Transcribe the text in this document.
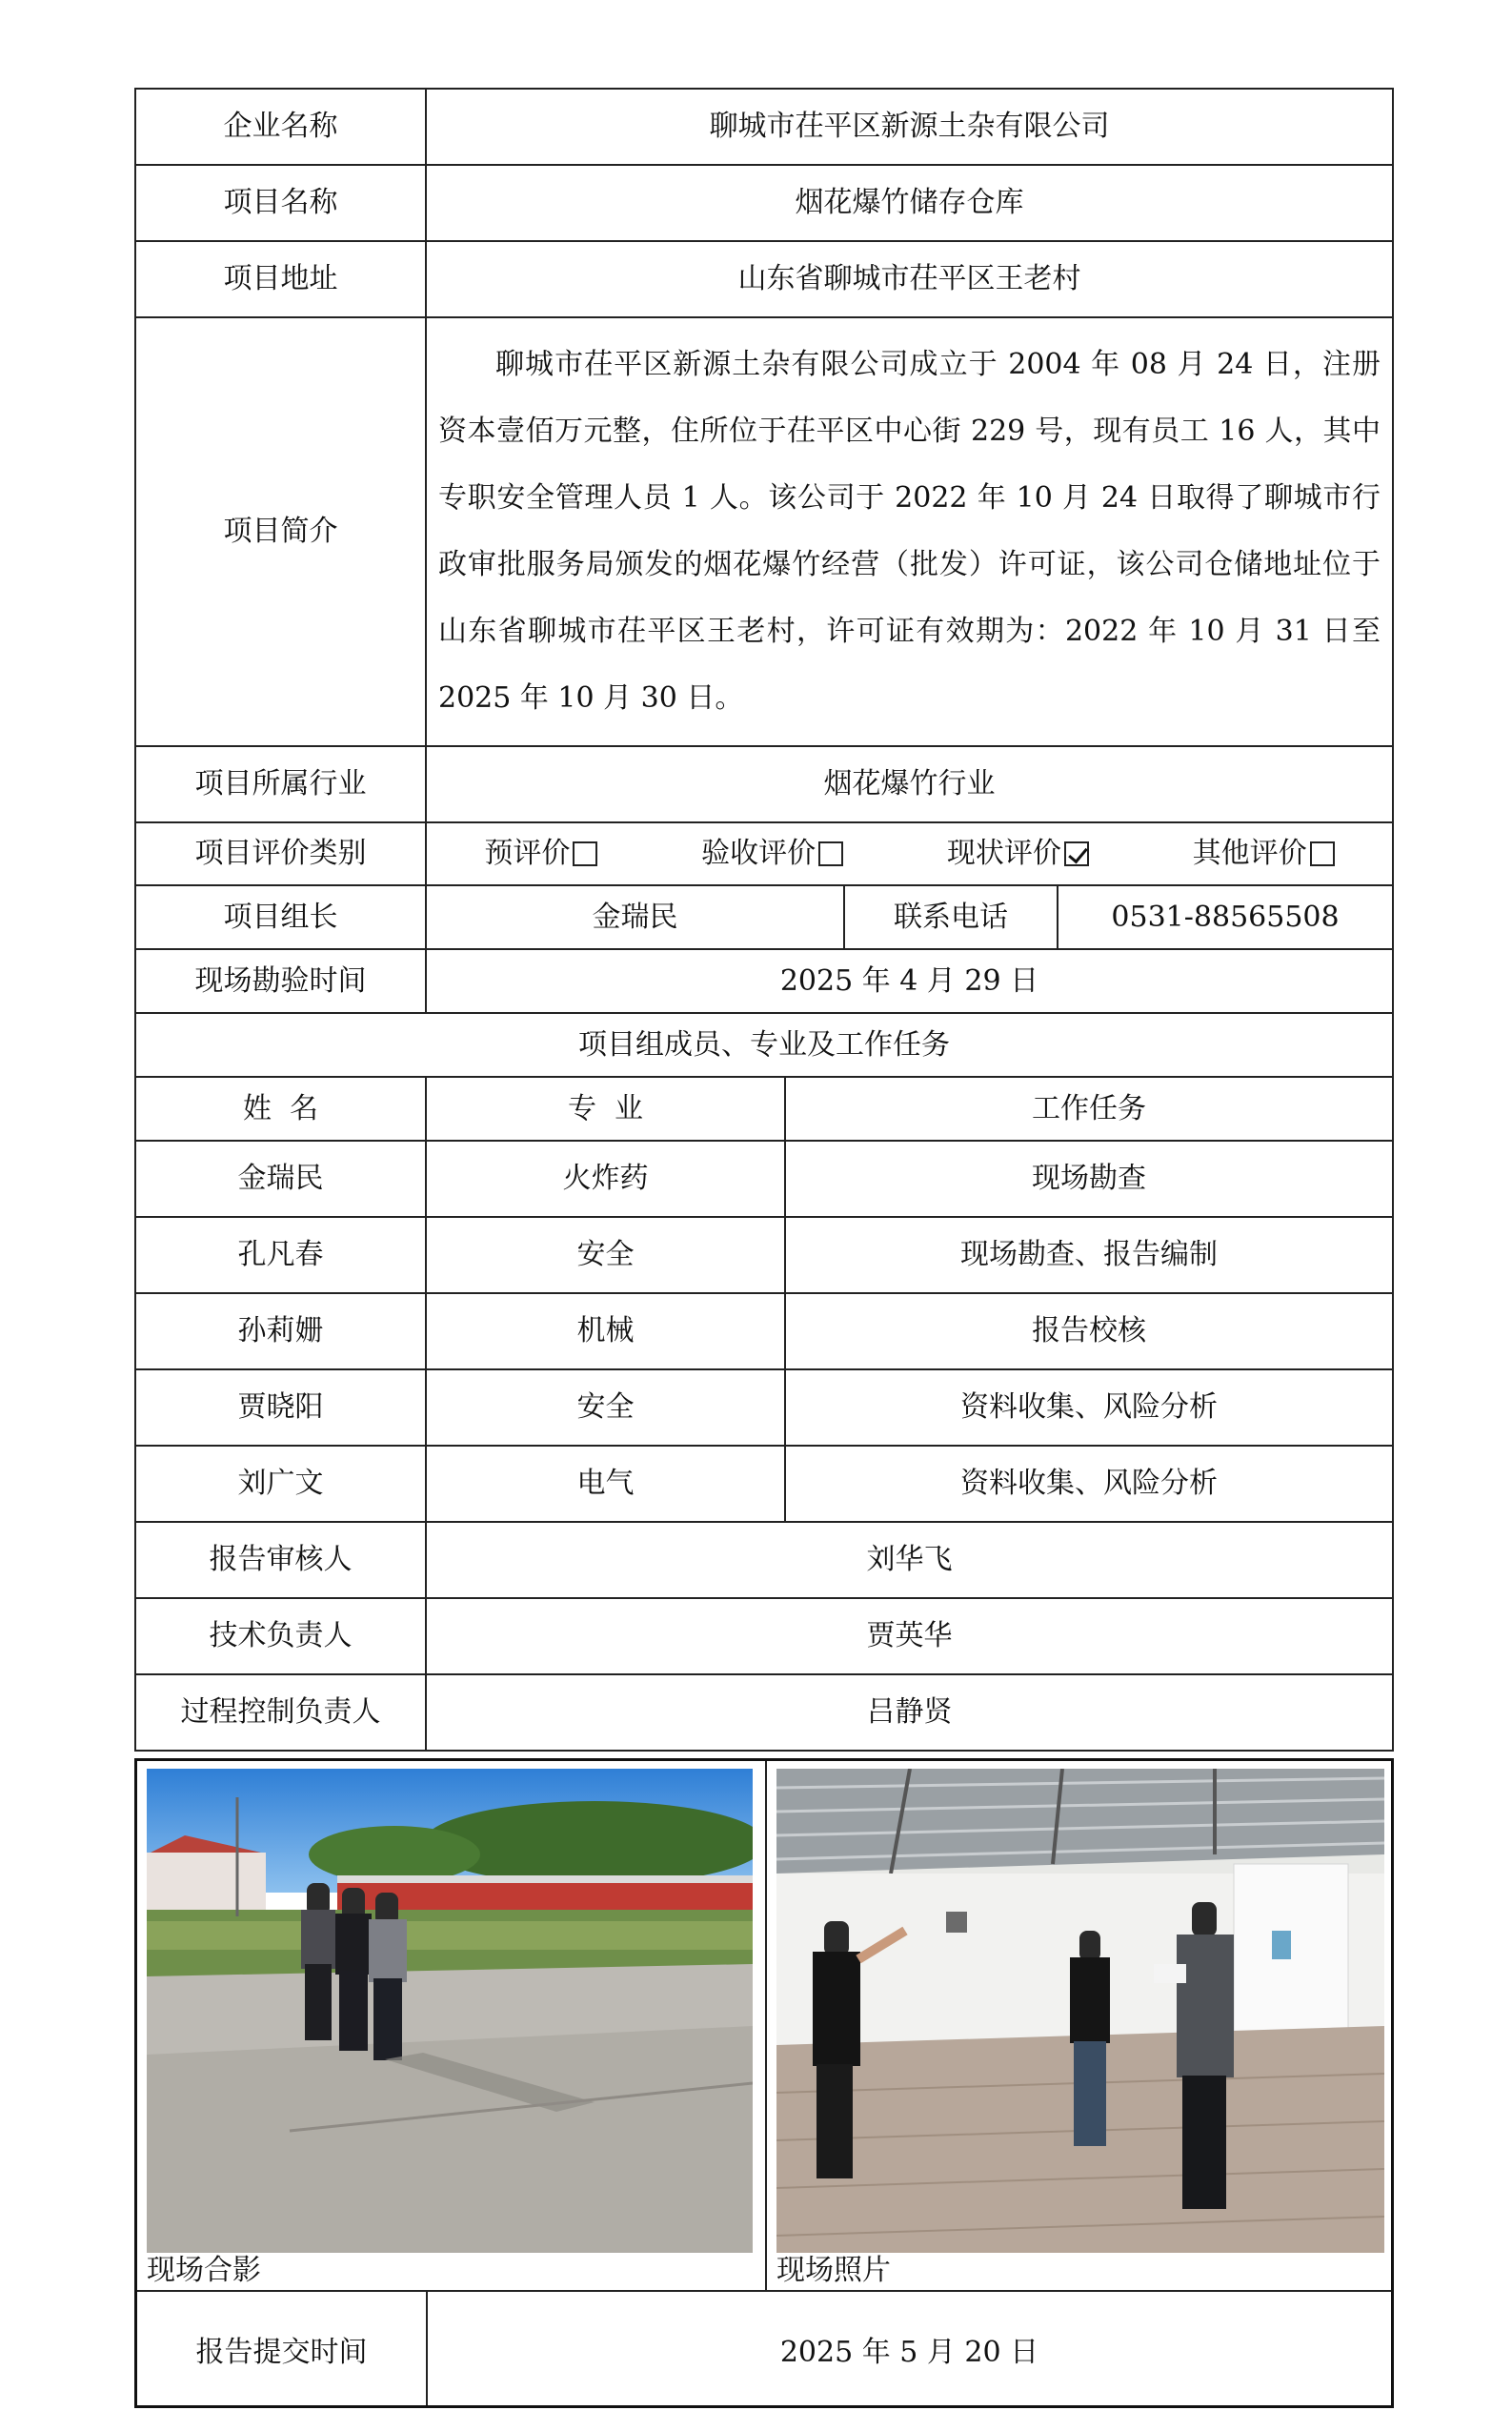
企业名称	聊城市茌平区新源土杂有限公司			
项目名称	烟花爆竹储存仓库			
项目地址	山东省聊城市茌平区王老村			
项目简介	聊城市茌平区新源土杂有限公司成立于 2004 年 08 月 24 日，注册资本壹佰万元整，住所位于茌平区中心街 229 号，现有员工 16 人，其中专职安全管理人员 1 人。该公司于 2022 年 10 月 24 日取得了聊城市行政审批服务局颁发的烟花爆竹经营（批发）许可证，该公司仓储地址位于山东省聊城市茌平区王老村，许可证有效期为：2022 年 10 月 31 日至 2025 年 10 月 30 日。			
项目所属行业	烟花爆竹行业			
项目评价类别	预评价 验收评价 现状评价 其他评价			

项目组长	金瑞民		联系电话	0531-88565508
现场勘验时间	2025 年 4 月 29 日			
项目组成员、专业及工作任务				
姓  名	专  业	工作任务		
金瑞民	火炸药	现场勘查		
孔凡春	安全	现场勘查、报告编制		
孙莉姗	机械	报告校核		
贾晓阳	安全	资料收集、风险分析		
刘广文	电气	资料收集、风险分析		
报告审核人	刘华飞			
技术负责人	贾英华			
过程控制负责人	吕静贤			
现场合影	现场照片
报告提交时间	2025 年 5 月 20 日
